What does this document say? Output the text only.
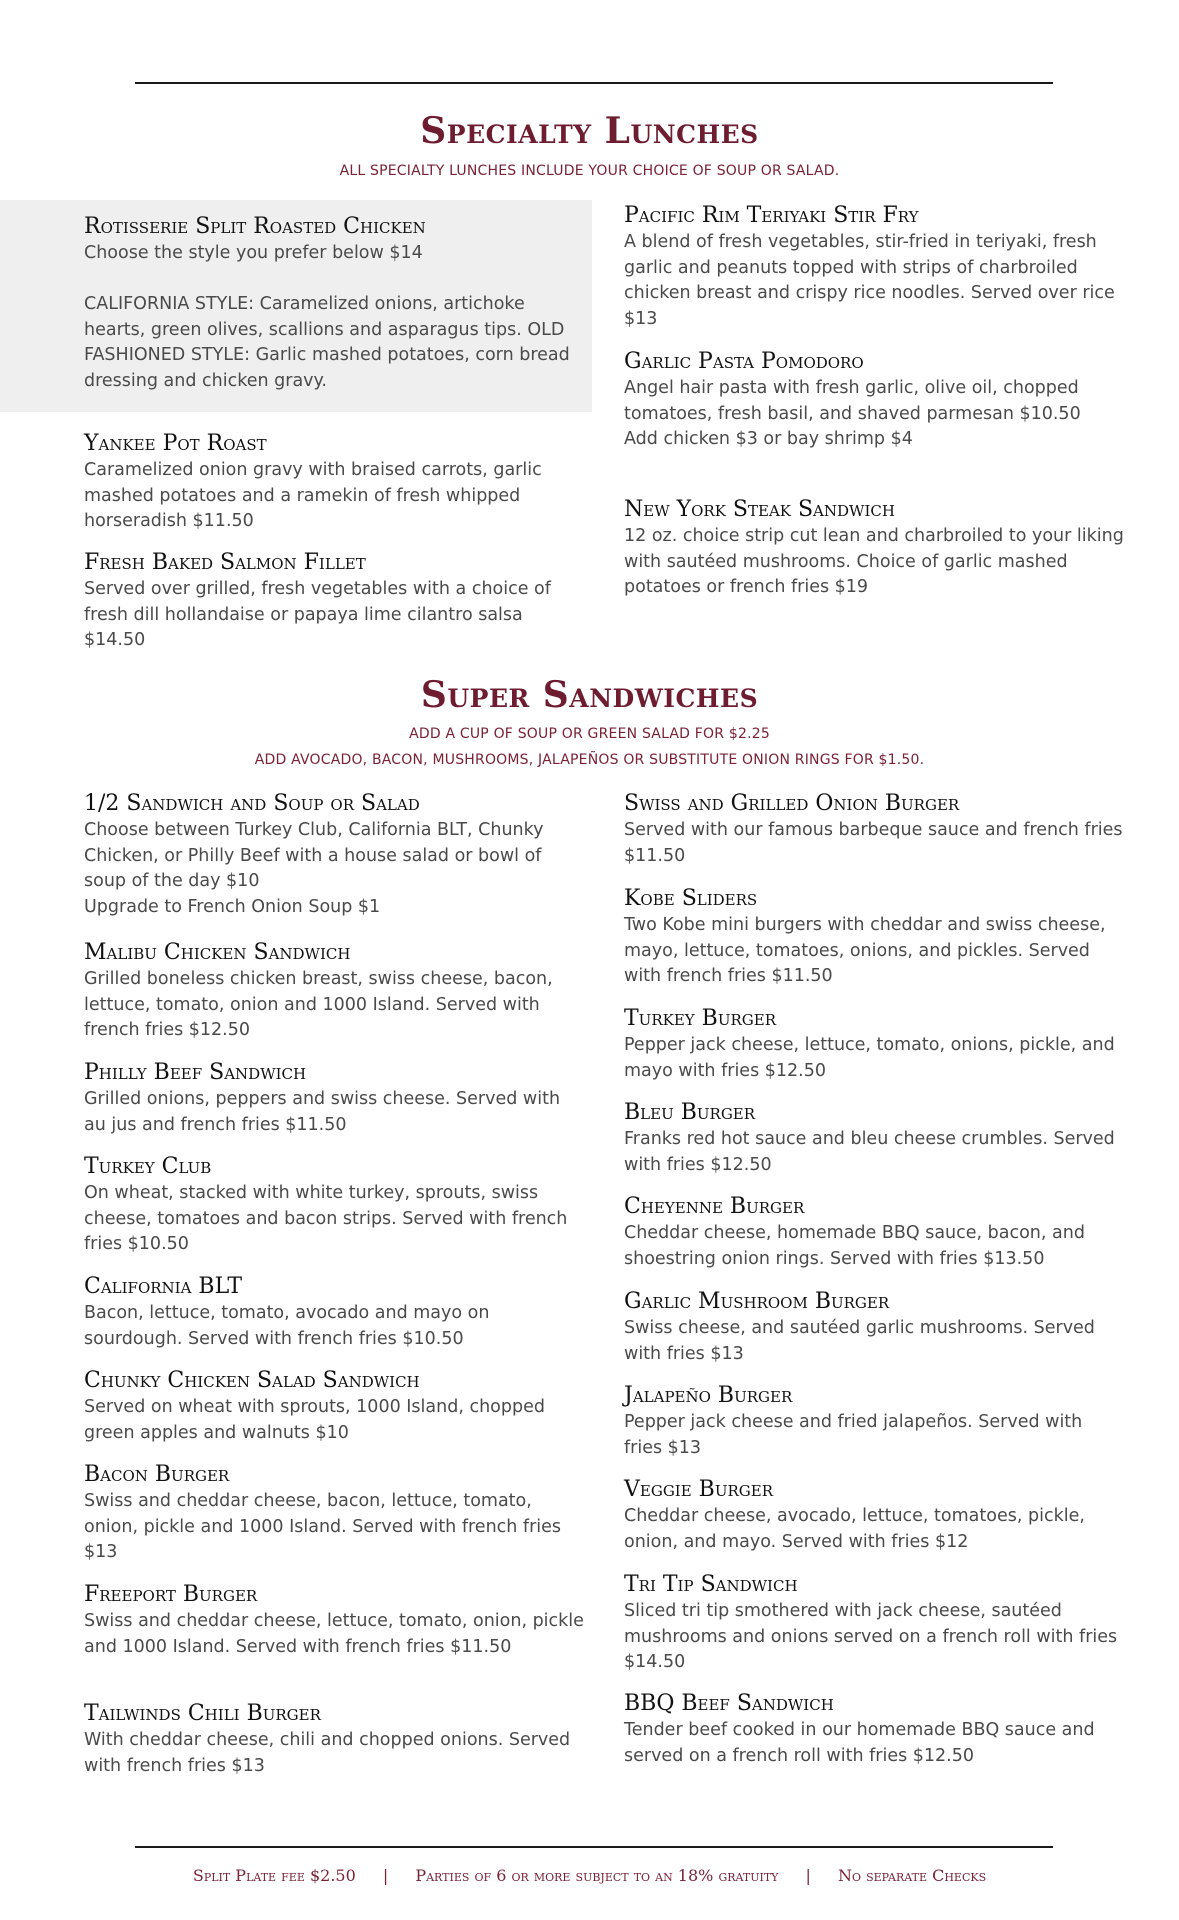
Specialty Lunches
ALL SPECIALTY LUNCHES INCLUDE YOUR CHOICE OF SOUP OR SALAD.
Rotisserie Split Roasted Chicken
Choose the style you prefer below $14

CALIFORNIA STYLE: Caramelized onions, artichoke hearts, green olives, scallions and asparagus tips. OLD FASHIONED STYLE: Garlic mashed potatoes, corn bread dressing and chicken gravy.
Yankee Pot Roast
Caramelized onion gravy with braised carrots, garlic mashed potatoes and a ramekin of fresh whipped horseradish $11.50
Fresh Baked Salmon Fillet
Served over grilled, fresh vegetables with a choice of fresh dill hollandaise or papaya lime cilantro salsa $14.50
Pacific Rim Teriyaki Stir Fry
A blend of fresh vegetables, stir-fried in teriyaki, fresh garlic and peanuts topped with strips of charbroiled chicken breast and crispy rice noodles. Served over rice $13
Garlic Pasta Pomodoro
Angel hair pasta with fresh garlic, olive oil, chopped tomatoes, fresh basil, and shaved parmesan $10.50
Add chicken $3 or bay shrimp $4
New York Steak Sandwich
12 oz. choice strip cut lean and charbroiled to your liking with sautéed mushrooms. Choice of garlic mashed potatoes or french fries $19
Super Sandwiches
ADD A CUP OF SOUP OR GREEN SALAD FOR $2.25
ADD AVOCADO, BACON, MUSHROOMS, JALAPEÑOS OR SUBSTITUTE ONION RINGS FOR $1.50.
1/2 Sandwich and Soup or Salad
Choose between Turkey Club, California BLT, Chunky Chicken, or Philly Beef with a house salad or bowl of soup of the day $10
Upgrade to French Onion Soup $1
Malibu Chicken Sandwich
Grilled boneless chicken breast, swiss cheese, bacon, lettuce, tomato, onion and 1000 Island. Served with french fries $12.50
Philly Beef Sandwich
Grilled onions, peppers and swiss cheese. Served with au jus and french fries $11.50
Turkey Club
On wheat, stacked with white turkey, sprouts, swiss cheese, tomatoes and bacon strips. Served with french fries $10.50
California BLT
Bacon, lettuce, tomato, avocado and mayo on sourdough. Served with french fries $10.50
Chunky Chicken Salad Sandwich
Served on wheat with sprouts, 1000 Island, chopped green apples and walnuts $10
Bacon Burger
Swiss and cheddar cheese, bacon, lettuce, tomato, onion, pickle and 1000 Island. Served with french fries $13
Freeport Burger
Swiss and cheddar cheese, lettuce, tomato, onion, pickle and 1000 Island. Served with french fries $11.50
Tailwinds Chili Burger
With cheddar cheese, chili and chopped onions. Served with french fries $13
Swiss and Grilled Onion Burger
Served with our famous barbeque sauce and french fries $11.50
Kobe Sliders
Two Kobe mini burgers with cheddar and swiss cheese, mayo, lettuce, tomatoes, onions, and pickles. Served with french fries $11.50
Turkey Burger
Pepper jack cheese, lettuce, tomato, onions, pickle, and mayo with fries $12.50
Bleu Burger
Franks red hot sauce and bleu cheese crumbles. Served with fries $12.50
Cheyenne Burger
Cheddar cheese, homemade BBQ sauce, bacon, and shoestring onion rings. Served with fries $13.50
Garlic Mushroom Burger
Swiss cheese, and sautéed garlic mushrooms. Served with fries $13
Jalapeño Burger
Pepper jack cheese and fried jalapeños. Served with fries $13
Veggie Burger
Cheddar cheese, avocado, lettuce, tomatoes, pickle, onion, and mayo. Served with fries $12
Tri Tip Sandwich
Sliced tri tip smothered with jack cheese, sautéed mushrooms and onions served on a french roll with fries $14.50
BBQ Beef Sandwich
Tender beef cooked in our homemade BBQ sauce and served on a french roll with fries $12.50
Split Plate fee $2.50 | Parties of 6 or more subject to an 18% gratuity | No separate Checks
